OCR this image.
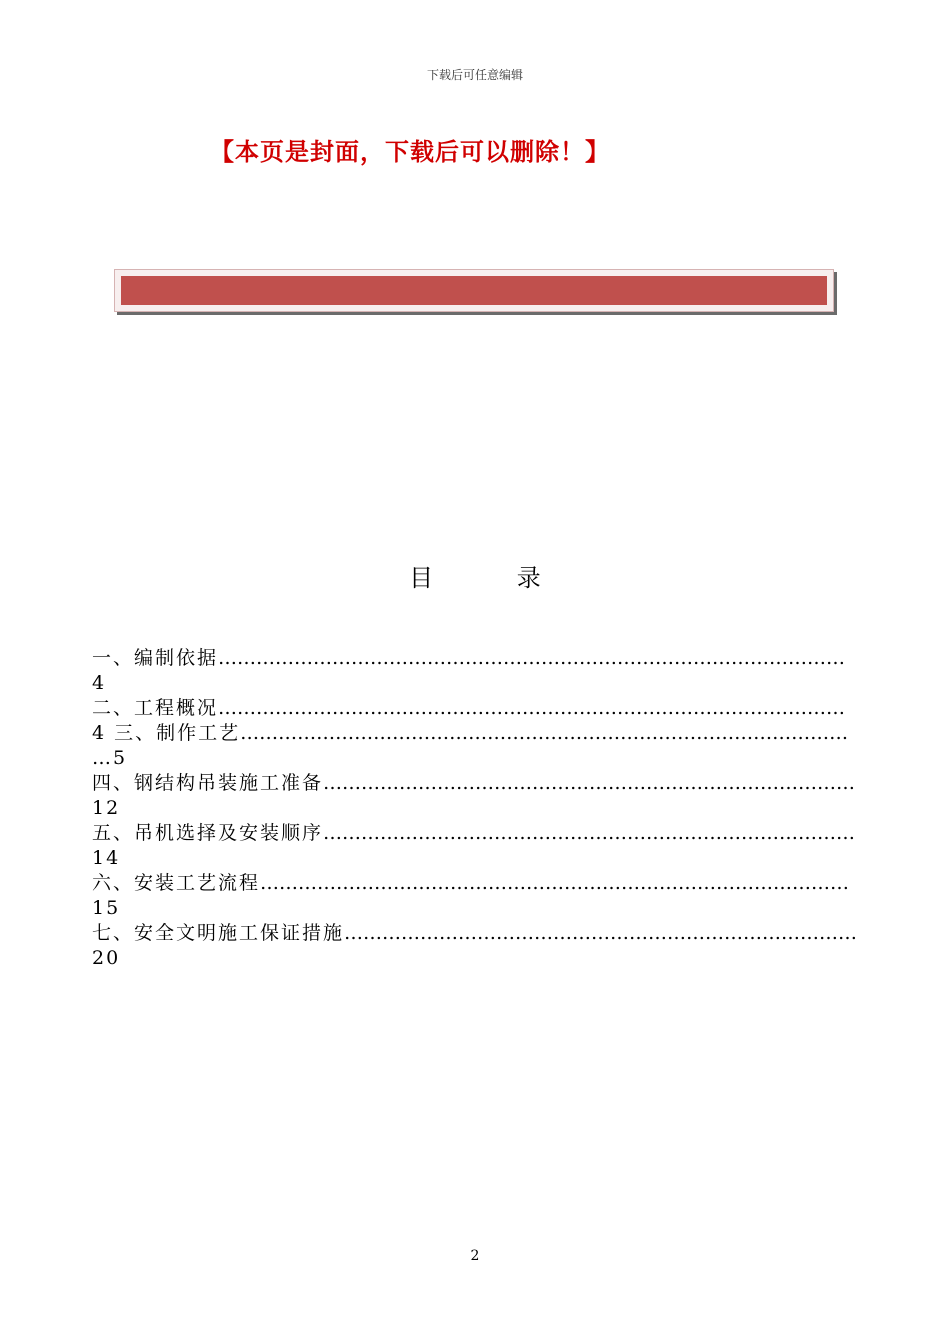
下载后可任意编辑
【本页是封面，下载后可以删除！】
目 录
一、编制依据………………………………………………………………………………………
4
二、工程概况………………………………………………………………………………………
4 三、制作工艺……………………………………………………………………………………
…5
四、钢结构吊装施工准备…………………………………………………………………………
12
五、吊机选择及安装顺序…………………………………………………………………………
14
六、安装工艺流程…………………………………………………………………………………
15
七、安全文明施工保证措施………………………………………………………………………
20
2
